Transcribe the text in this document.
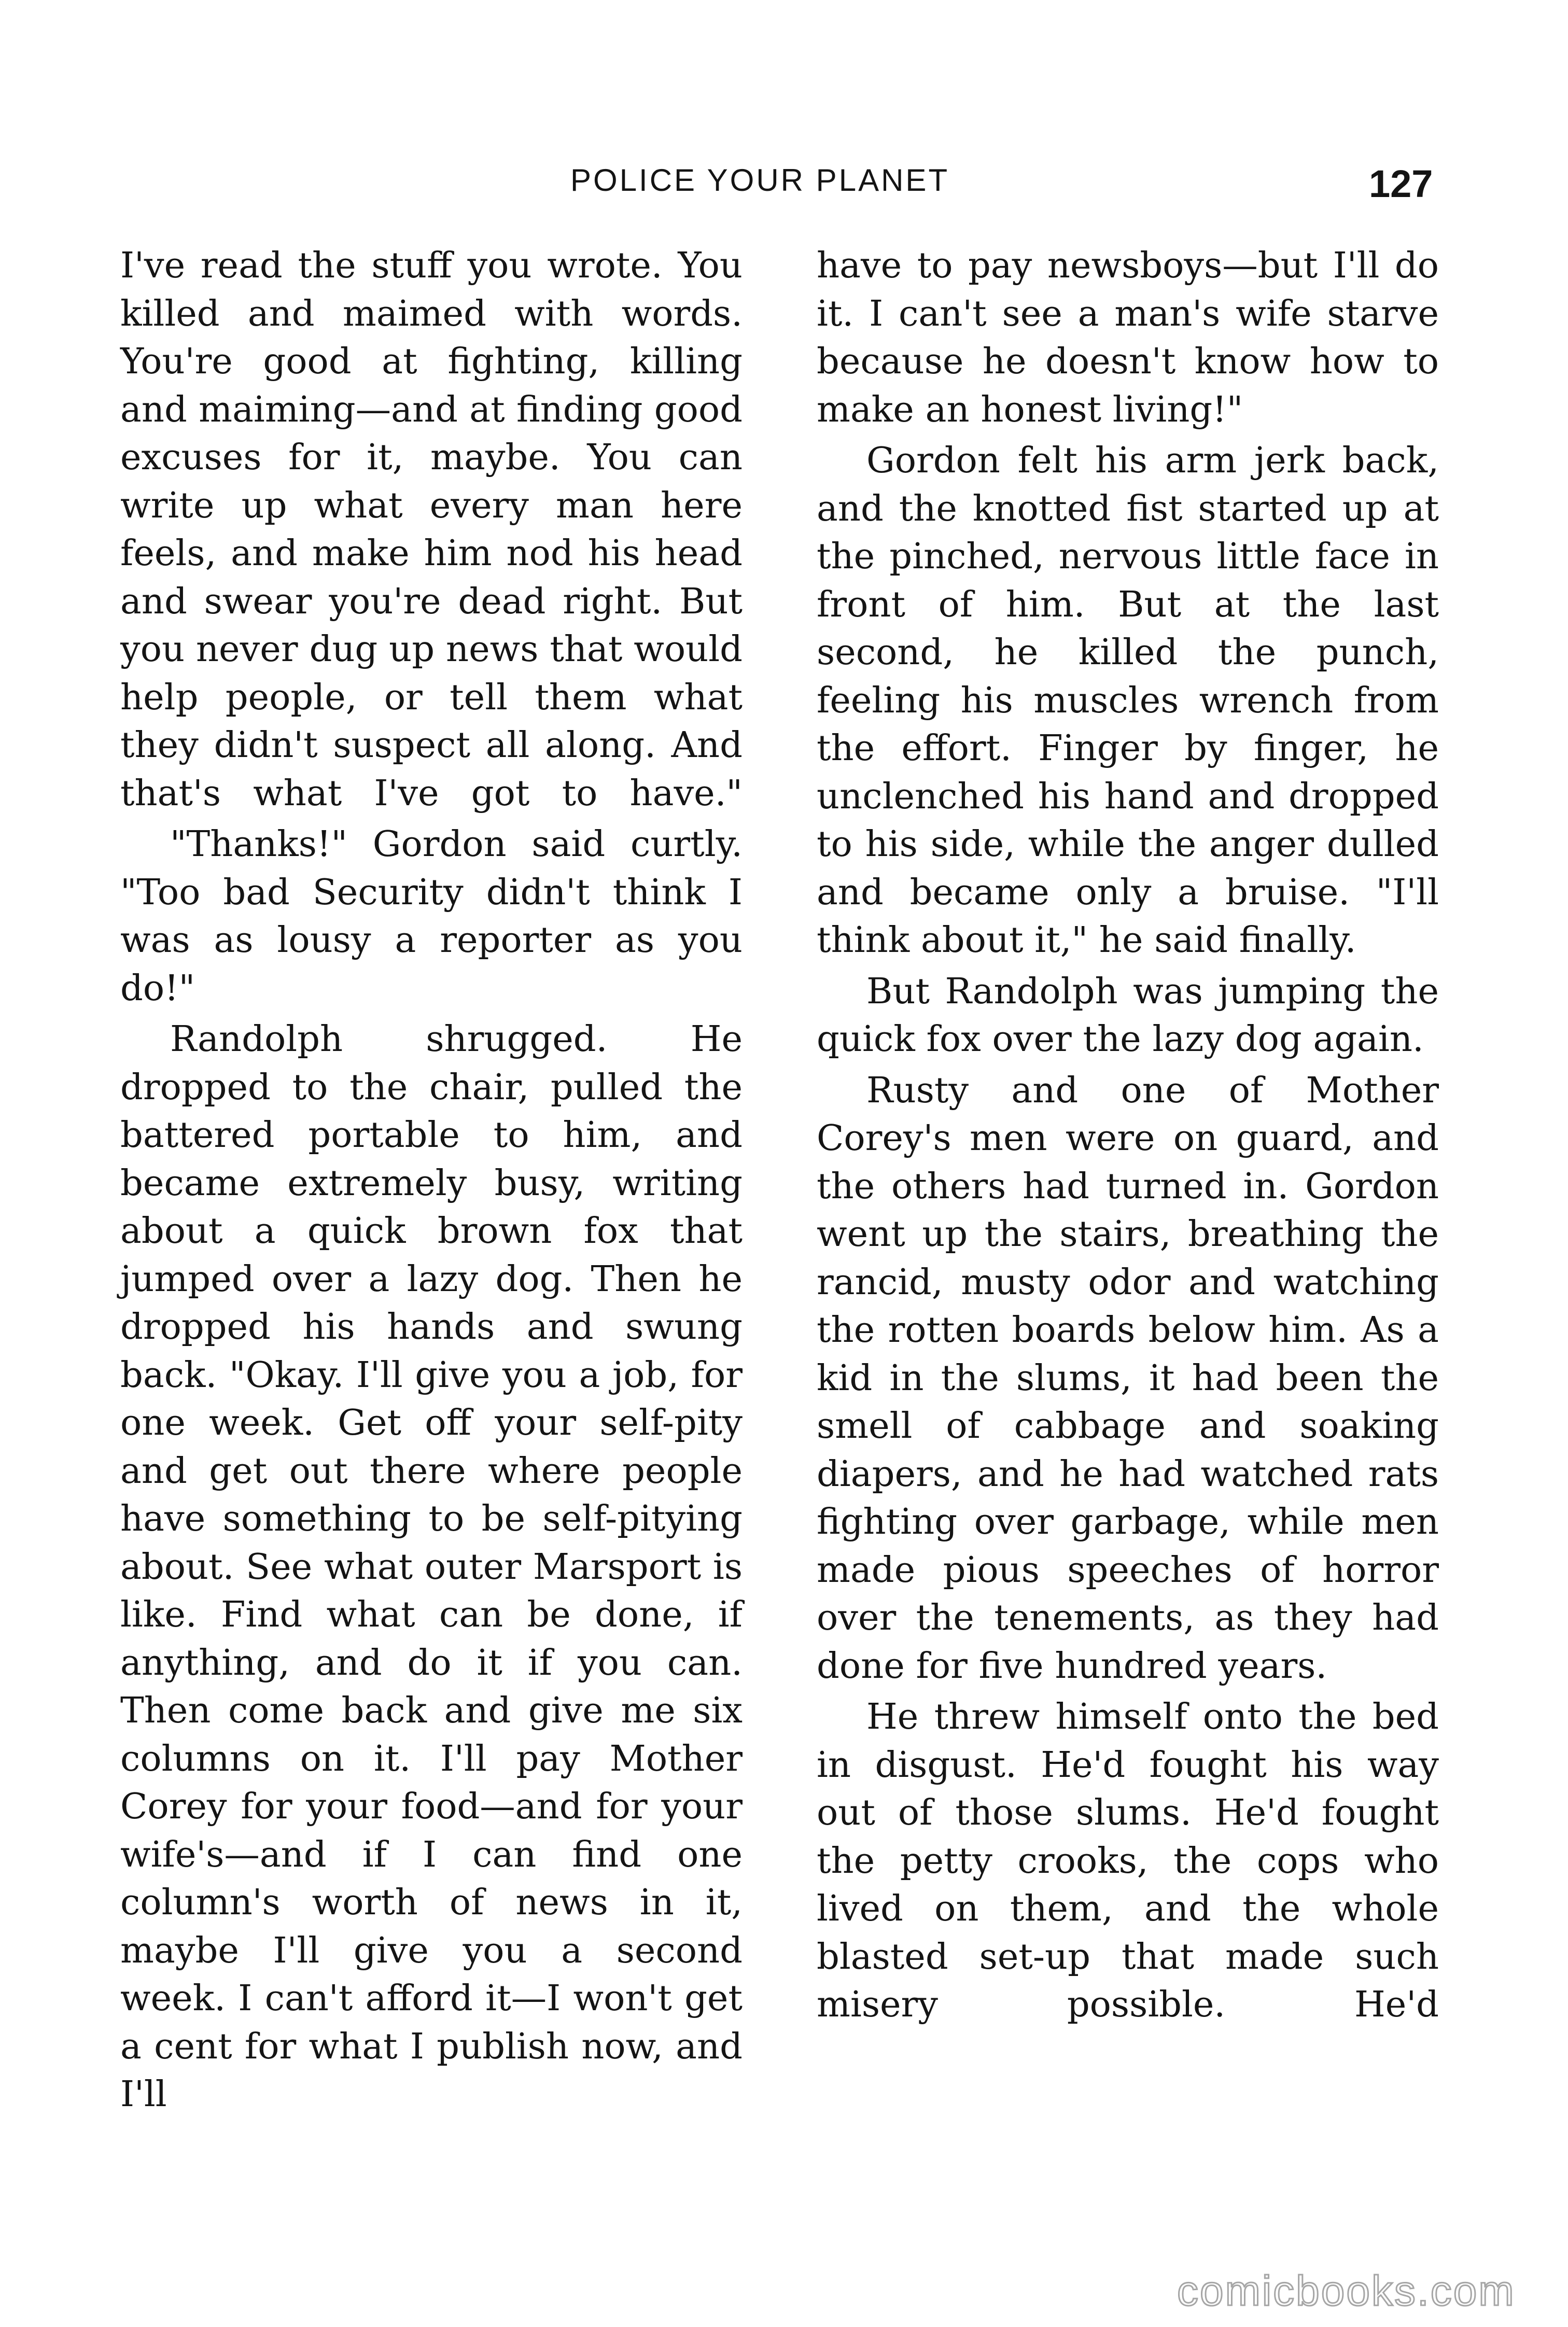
POLICE YOUR PLANET	127

I've read the stuff you wrote. You killed and maimed with words. You're good at fighting, killing and maiming—and at finding good excuses for it, maybe. You can write up what every man here feels, and make him nod his head and swear you're dead right. But you never dug up news that would help people, or tell them what they didn't suspect all along. And that's what I've got to have."

"Thanks!" Gordon said curtly. "Too bad Security didn't think I was as lousy a reporter as you do!"

Randolph shrugged. He dropped to the chair, pulled the battered portable to him, and became extremely busy, writing about a quick brown fox that jumped over a lazy dog. Then he dropped his hands and swung back. "Okay. I'll give you a job, for one week. Get off your self-pity and get out there where people have something to be self-pitying about. See what outer Marsport is like. Find what can be done, if anything, and do it if you can. Then come back and give me six columns on it. I'll pay Mother Corey for your food—and for your wife's—and if I can find one column's worth of news in it, maybe I'll give you a second week. I can't afford it—I won't get a cent for what I publish now, and I'll

have to pay newsboys—but I'll do it. I can't see a man's wife starve because he doesn't know how to make an honest living!"

Gordon felt his arm jerk back, and the knotted fist started up at the pinched, nervous little face in front of him. But at the last second, he killed the punch, feeling his muscles wrench from the effort. Finger by finger, he unclenched his hand and dropped to his side, while the anger dulled and became only a bruise. "I'll think about it," he said finally.

But Randolph was jumping the quick fox over the lazy dog again.

Rusty and one of Mother Corey's men were on guard, and the others had turned in. Gordon went up the stairs, breathing the rancid, musty odor and watching the rotten boards below him. As a kid in the slums, it had been the smell of cabbage and soaking diapers, and he had watched rats fighting over garbage, while men made pious speeches of horror over the tenements, as they had done for five hundred years.

He threw himself onto the bed in disgust. He'd fought his way out of those slums. He'd fought the petty crooks, the cops who lived on them, and the whole blasted set-up that made such misery possible. He'd

comicbooks.com
